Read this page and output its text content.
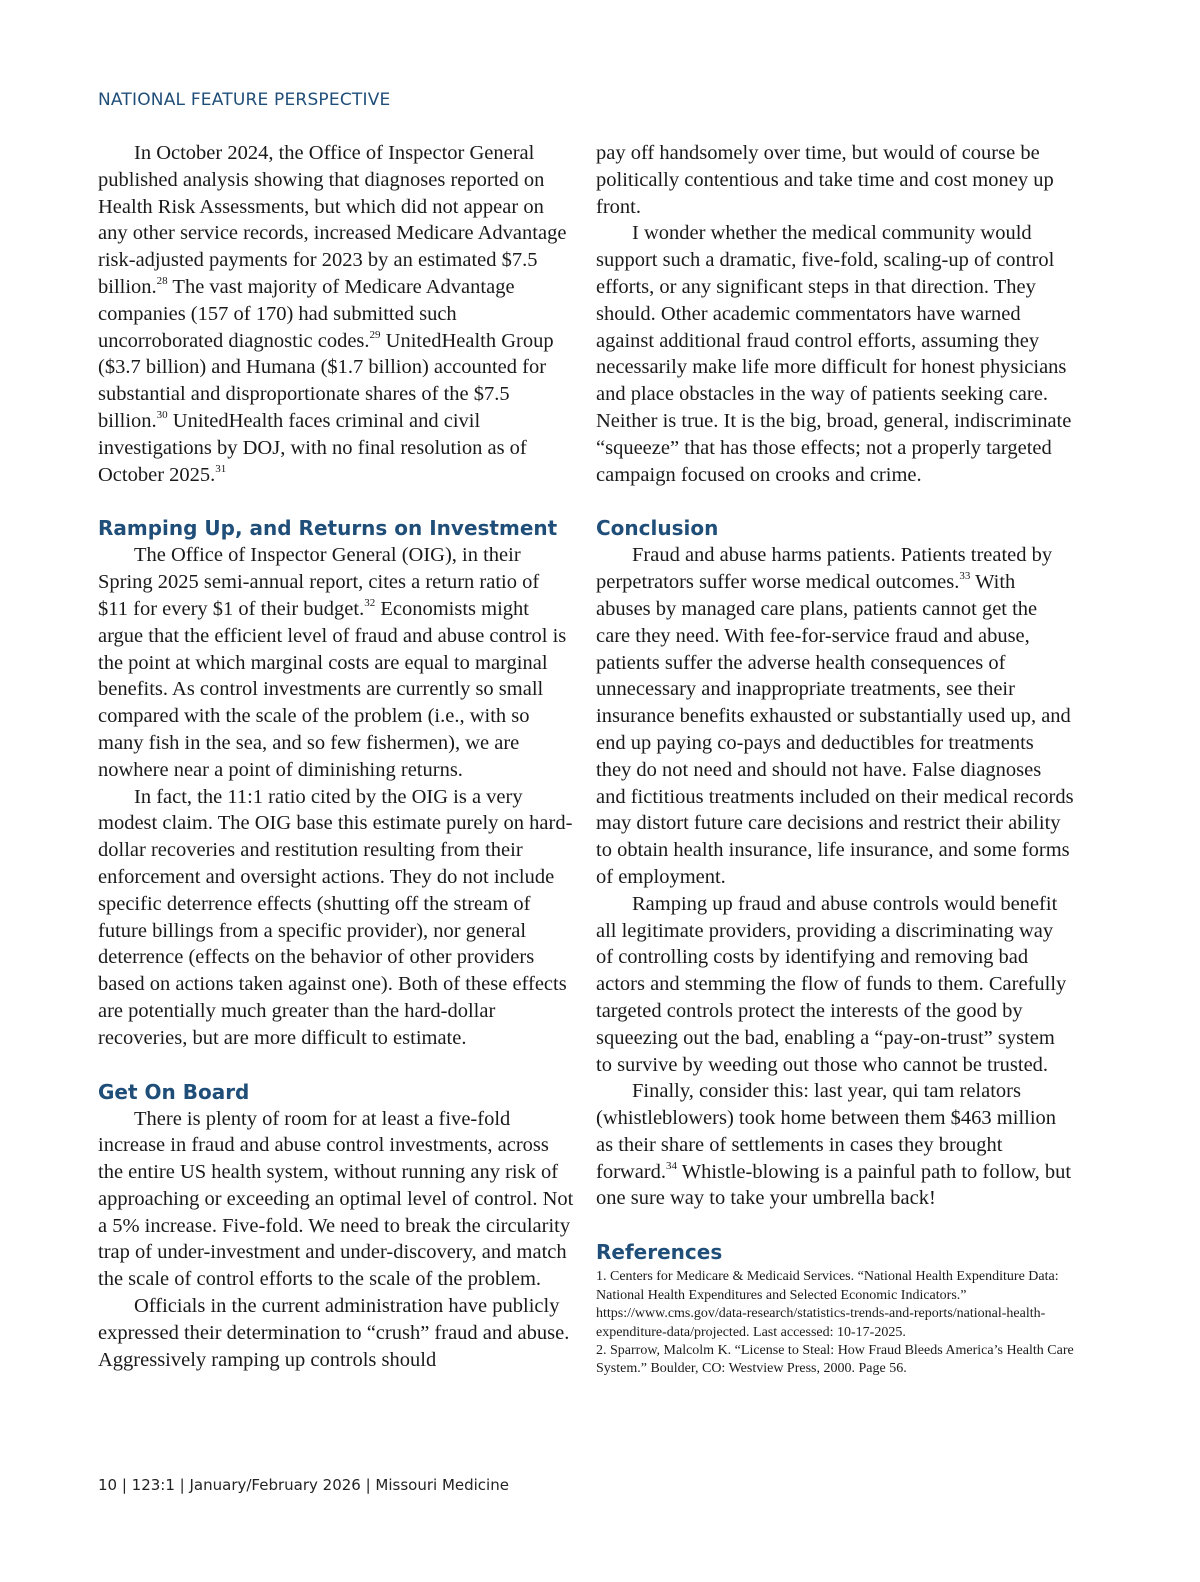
NATIONAL FEATURE PERSPECTIVE

In October 2024, the Office of Inspector General published analysis showing that diagnoses reported on Health Risk Assessments, but which did not appear on any other service records, increased Medicare Advantage risk-adjusted payments for 2023 by an estimated $7.5 billion.$^{28}$ The vast majority of Medicare Advantage companies (157 of 170) had submitted such uncorroborated diagnostic codes.$^{29}$ UnitedHealth Group ($3.7 billion) and Humana ($1.7 billion) accounted for substantial and disproportionate shares of the $7.5 billion.$^{30}$ UnitedHealth faces criminal and civil investigations by DOJ, with no final resolution as of October 2025.31

Ramping Up, and Returns on Investment

The Office of Inspector General (OIG), in their Spring 2025 semi-annual report, cites a return ratio of $11 for every $1 of their budget.$^{32}$ Economists might argue that the efficient level of fraud and abuse control is the point at which marginal costs are equal to marginal benefits. As control investments are currently so small compared with the scale of the problem (i.e., with so many fish in the sea, and so few fishermen), we are nowhere near a point of diminishing returns.

In fact, the 11:1 ratio cited by the OIG is a very modest claim. The OIG base this estimate purely on hard-dollar recoveries and restitution resulting from their enforcement and oversight actions. They do not include specific deterrence effects (shutting off the stream of future billings from a specific provider), nor general deterrence (effects on the behavior of other providers based on actions taken against one). Both of these effects are potentially much greater than the hard-dollar recoveries, but are more difficult to estimate.

Get On Board

There is plenty of room for at least a five-fold increase in fraud and abuse control investments, across the entire US health system, without running any risk of approaching or exceeding an optimal level of control. Not a 5% increase. Five-fold. We need to break the circularity trap of under-investment and under-discovery, and match the scale of control efforts to the scale of the problem.

Officials in the current administration have publicly expressed their determination to “crush” fraud and abuse. Aggressively ramping up controls should

pay off handsomely over time, but would of course be politically contentious and take time and cost money up front.

I wonder whether the medical community would support such a dramatic, five-fold, scaling-up of control efforts, or any significant steps in that direction. They should. Other academic commentators have warned against additional fraud control efforts, assuming they necessarily make life more difficult for honest physicians and place obstacles in the way of patients seeking care. Neither is true. It is the big, broad, general, indiscriminate “squeeze” that has those effects; not a properly targeted campaign focused on crooks and crime.

Conclusion

Fraud and abuse harms patients. Patients treated by perpetrators suffer worse medical outcomes.$^{33}$ With abuses by managed care plans, patients cannot get the care they need. With fee-for-service fraud and abuse, patients suffer the adverse health consequences of unnecessary and inappropriate treatments, see their insurance benefits exhausted or substantially used up, and end up paying co-pays and deductibles for treatments they do not need and should not have. False diagnoses and fictitious treatments included on their medical records may distort future care decisions and restrict their ability to obtain health insurance, life insurance, and some forms of employment.

Ramping up fraud and abuse controls would benefit all legitimate providers, providing a discriminating way of controlling costs by identifying and removing bad actors and stemming the flow of funds to them. Carefully targeted controls protect the interests of the good by squeezing out the bad, enabling a “pay-on-trust” system to survive by weeding out those who cannot be trusted.

Finally, consider this: last year, qui tam relators (whistleblowers) took home between them $463 million as their share of settlements in cases they brought forward.$^{34}$ Whistle-blowing is a painful path to follow, but one sure way to take your umbrella back!

References
1. Centers for Medicare & Medicaid Services. “National Health Expenditure Data: National Health Expenditures and Selected Economic Indicators.” https://www.cms.gov/data-research/statistics-trends-and-reports/national-health-expenditure-data/projected. Last accessed: 10-17-2025.
2. Sparrow, Malcolm K. “License to Steal: How Fraud Bleeds America’s Health Care System.” Boulder, CO: Westview Press, 2000. Page 56.
10 | 123:1 | January/February 2026 | Missouri Medicine
